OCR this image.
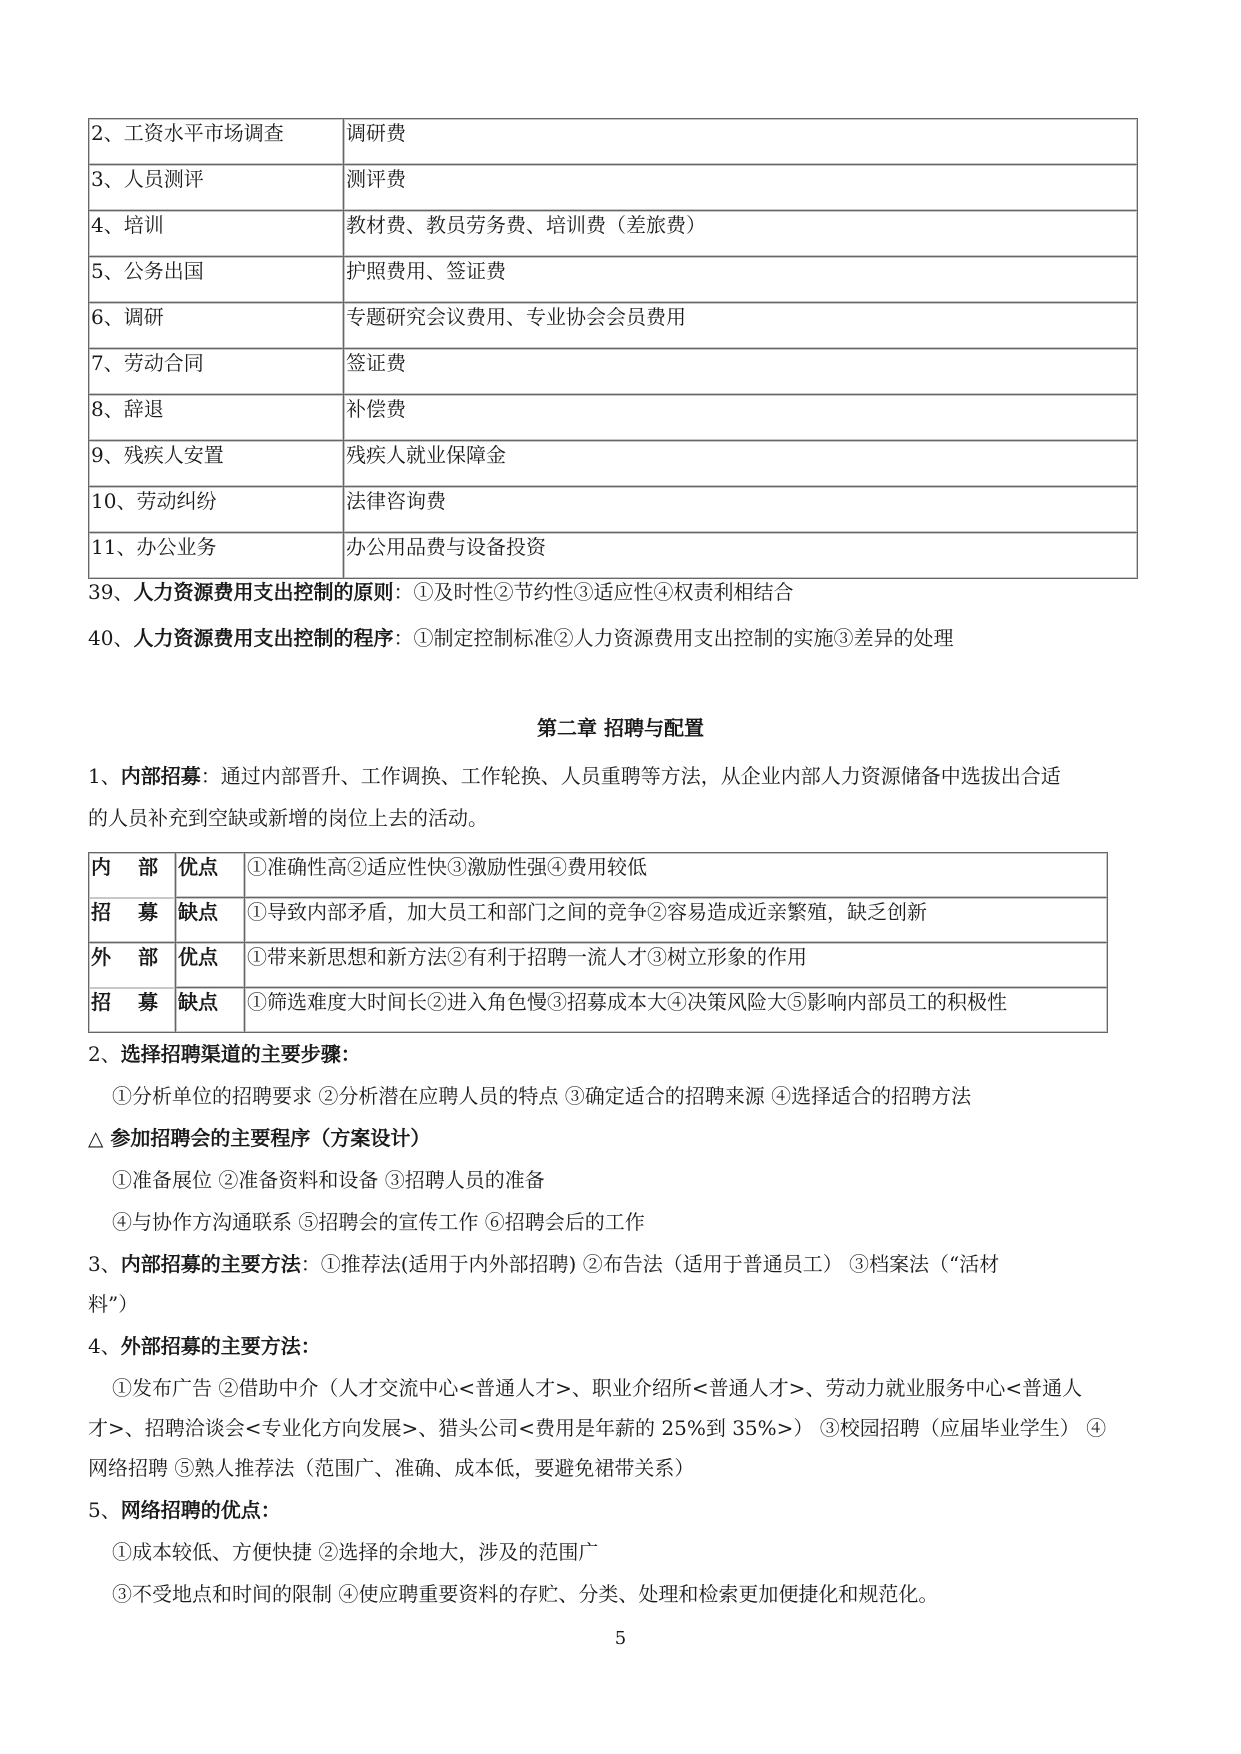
2、工资水平市场调查	调研费
3、人员测评	测评费
4、培训	教材费、教员劳务费、培训费（差旅费）
5、公务出国	护照费用、签证费
6、调研	专题研究会议费用、专业协会会员费用
7、劳动合同	签证费
8、辞退	补偿费
9、残疾人安置	残疾人就业保障金
10、劳动纠纷	法律咨询费
11、办公业务	办公用品费与设备投资
39、人力资源费用支出控制的原则：①及时性②节约性③适应性④权责利相结合
40、人力资源费用支出控制的程序：①制定控制标准②人力资源费用支出控制的实施③差异的处理
第二章 招聘与配置
1、内部招募：通过内部晋升、工作调换、工作轮换、人员重聘等方法，从企业内部人力资源储备中选拔出合适
的人员补充到空缺或新增的岗位上去的活动。
内 部	优点	①准确性高②适应性快③激励性强④费用较低
招 募	缺点	①导致内部矛盾，加大员工和部门之间的竞争②容易造成近亲繁殖，缺乏创新
外 部	优点	①带来新思想和新方法②有利于招聘一流人才③树立形象的作用
招 募	缺点	①筛选难度大时间长②进入角色慢③招募成本大④决策风险大⑤影响内部员工的积极性
2、选择招聘渠道的主要步骤：
①分析单位的招聘要求 ②分析潜在应聘人员的特点 ③确定适合的招聘来源 ④选择适合的招聘方法
△ 参加招聘会的主要程序（方案设计）
①准备展位 ②准备资料和设备 ③招聘人员的准备
④与协作方沟通联系 ⑤招聘会的宣传工作 ⑥招聘会后的工作
3、内部招募的主要方法：①推荐法(适用于内外部招聘) ②布告法（适用于普通员工） ③档案法（“活材
料”）
4、外部招募的主要方法：
①发布广告 ②借助中介（人才交流中心<普通人才>、职业介绍所<普通人才>、劳动力就业服务中心<普通人
才>、招聘洽谈会<专业化方向发展>、猎头公司<费用是年薪的 25%到 35%>） ③校园招聘（应届毕业学生） ④
网络招聘 ⑤熟人推荐法（范围广、准确、成本低，要避免裙带关系）
5、网络招聘的优点：
①成本较低、方便快捷 ②选择的余地大，涉及的范围广
③不受地点和时间的限制 ④使应聘重要资料的存贮、分类、处理和检索更加便捷化和规范化。
5
